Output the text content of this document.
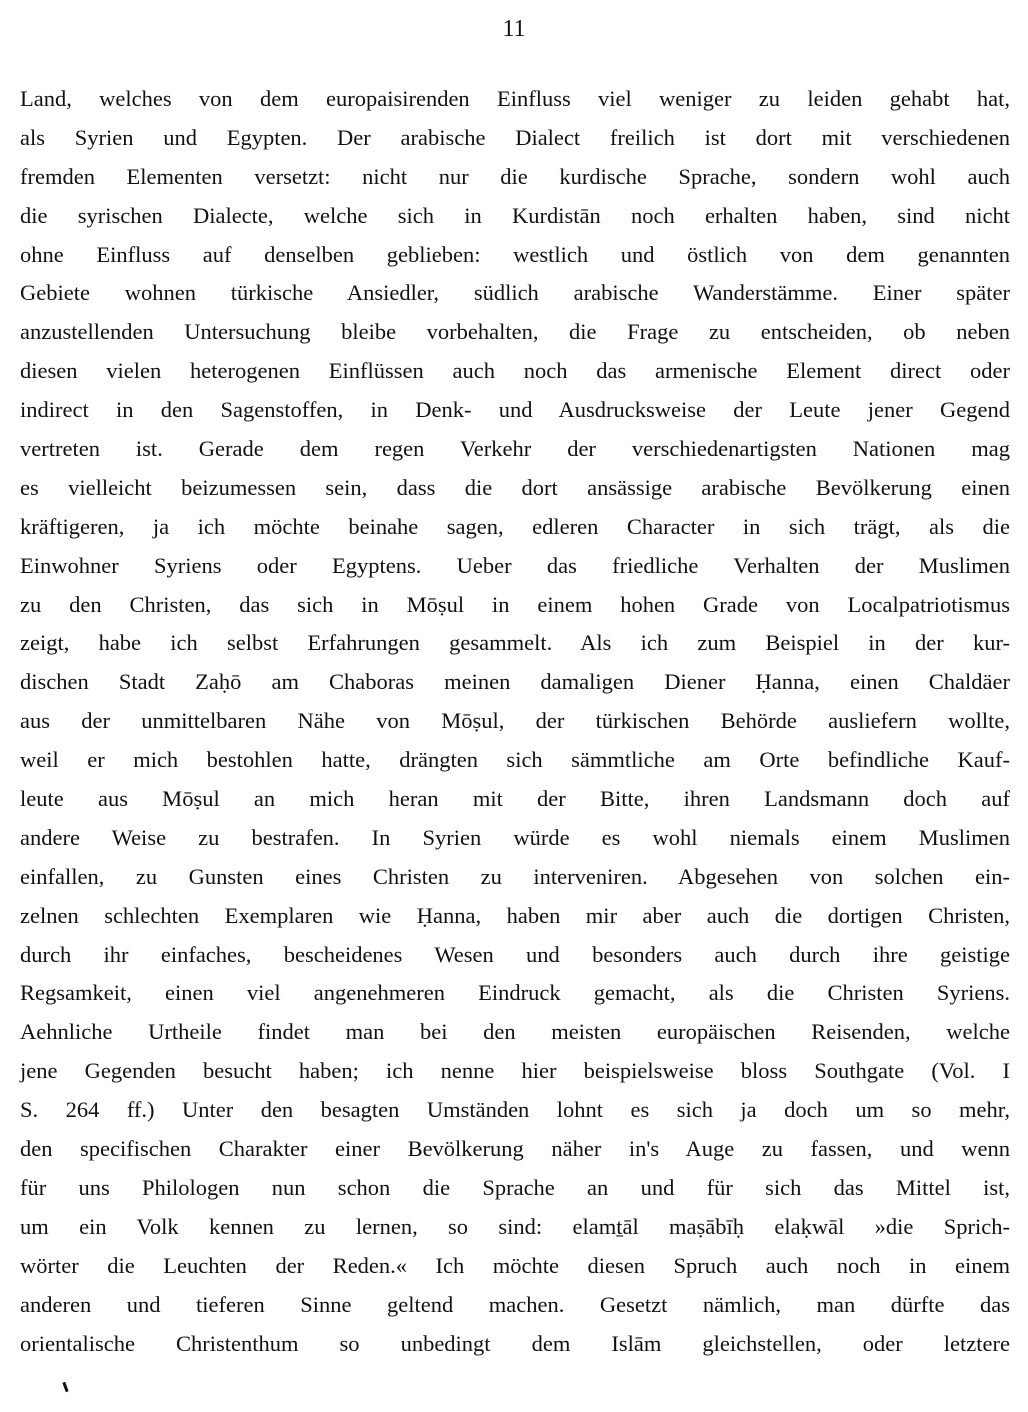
11
Land, welches von dem europaisirenden Einfluss viel weniger zu leiden gehabt hat,
als Syrien und Egypten. Der arabische Dialect freilich ist dort mit verschiedenen
fremden Elementen versetzt: nicht nur die kurdische Sprache, sondern wohl auch
die syrischen Dialecte, welche sich in Kurdistān noch erhalten haben, sind nicht
ohne Einfluss auf denselben geblieben: westlich und östlich von dem genannten
Gebiete wohnen türkische Ansiedler, südlich arabische Wanderstämme. Einer später
anzustellenden Untersuchung bleibe vorbehalten, die Frage zu entscheiden, ob neben
diesen vielen heterogenen Einflüssen auch noch das armenische Element direct oder
indirect in den Sagenstoffen, in Denk- und Ausdrucksweise der Leute jener Gegend
vertreten ist. Gerade dem regen Verkehr der verschiedenartigsten Nationen mag
es vielleicht beizumessen sein, dass die dort ansässige arabische Bevölkerung einen
kräftigeren, ja ich möchte beinahe sagen, edleren Character in sich trägt, als die
Einwohner Syriens oder Egyptens. Ueber das friedliche Verhalten der Muslimen
zu den Christen, das sich in Mōṣul in einem hohen Grade von Localpatriotismus
zeigt, habe ich selbst Erfahrungen gesammelt. Als ich zum Beispiel in der kur-
dischen Stadt Zaḥō am Chaboras meinen damaligen Diener Ḥanna, einen Chaldäer
aus der unmittelbaren Nähe von Mōṣul, der türkischen Behörde ausliefern wollte,
weil er mich bestohlen hatte, drängten sich sämmtliche am Orte befindliche Kauf-
leute aus Mōṣul an mich heran mit der Bitte, ihren Landsmann doch auf
andere Weise zu bestrafen. In Syrien würde es wohl niemals einem Muslimen
einfallen, zu Gunsten eines Christen zu interveniren. Abgesehen von solchen ein-
zelnen schlechten Exemplaren wie Ḥanna, haben mir aber auch die dortigen Christen,
durch ihr einfaches, bescheidenes Wesen und besonders auch durch ihre geistige
Regsamkeit, einen viel angenehmeren Eindruck gemacht, als die Christen Syriens.
Aehnliche Urtheile findet man bei den meisten europäischen Reisenden, welche
jene Gegenden besucht haben; ich nenne hier beispielsweise bloss Southgate (Vol. I
S. 264 ff.) Unter den besagten Umständen lohnt es sich ja doch um so mehr,
den specifischen Charakter einer Bevölkerung näher in's Auge zu fassen, und wenn
für uns Philologen nun schon die Sprache an und für sich das Mittel ist,
um ein Volk kennen zu lernen, so sind: elamṯāl maṣābīḥ elaḳwāl »die Sprich-
wörter die Leuchten der Reden.« Ich möchte diesen Spruch auch noch in einem
anderen und tieferen Sinne geltend machen. Gesetzt nämlich, man dürfte das
orientalische Christenthum so unbedingt dem Islām gleichstellen, oder letztere
